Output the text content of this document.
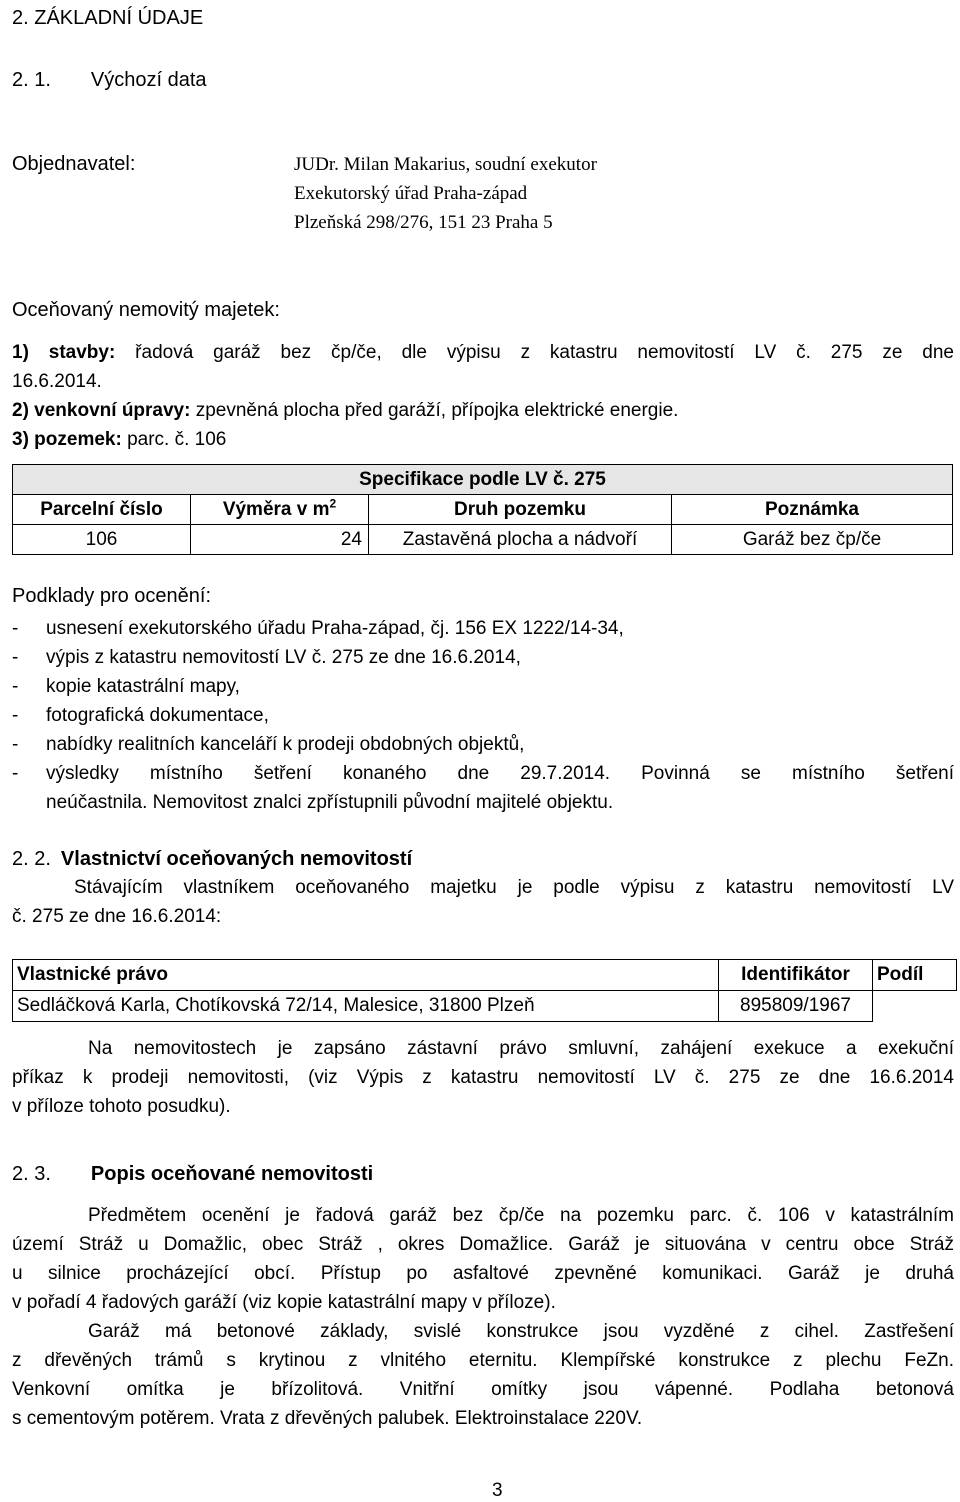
2. ZÁKLADNÍ ÚDAJE
2. 1. Výchozí data
Objednavatel:	JUDr. Milan Makarius, soudní exekutor
Exekutorský úřad Praha-západ
Plzeňská 298/276, 151 23 Praha 5
Oceňovaný nemovitý majetek:
1) stavby: řadová garáž bez čp/če, dle výpisu z katastru nemovitostí LV č. 275 ze dne
16.6.2014.
2) venkovní úpravy: zpevněná plocha před garáží, přípojka elektrické energie.
3) pozemek: parc. č. 106
Specifikace podle LV č. 275			
Parcelní číslo	Výměra v $m^2$	Druh pozemku	Poznámka
106	24	Zastavěná plocha a nádvoří	Garáž bez čp/če
Podklady pro ocenění:
- usnesení exekutorského úřadu Praha-západ, čj. 156 EX 1222/14-34,
- výpis z katastru nemovitostí LV č. 275 ze dne 16.6.2014,
- kopie katastrální mapy,
- fotografická dokumentace,
- nabídky realitních kanceláří k prodeji obdobných objektů,
- výsledky místního šetření konaného dne 29.7.2014. Povinná se místního šetření
neúčastnila. Nemovitost znalci zpřístupnili původní majitelé objektu.
2. 2. Vlastnictví oceňovaných nemovitostí
Stávajícím vlastníkem oceňovaného majetku je podle výpisu z katastru nemovitostí LV
č. 275 ze dne 16.6.2014:
Vlastnické právo	Identifikátor	Podíl
Sedláčková Karla, Chotíkovská 72/14, Malesice, 31800 Plzeň	895809/1967	
Na nemovitostech je zapsáno zástavní právo smluvní, zahájení exekuce a exekuční
příkaz k prodeji nemovitosti, (viz Výpis z katastru nemovitostí LV č. 275 ze dne 16.6.2014
v příloze tohoto posudku).
2. 3. Popis oceňované nemovitosti
Předmětem ocenění je řadová garáž bez čp/če na pozemku parc. č. 106 v katastrálním
území Stráž u Domažlic, obec Stráž , okres Domažlice. Garáž je situována v centru obce Stráž
u silnice procházející obcí. Přístup po asfaltové zpevněné komunikaci. Garáž je druhá
v pořadí 4 řadových garáží (viz kopie katastrální mapy v příloze).
Garáž má betonové základy, svislé konstrukce jsou vyzděné z cihel. Zastřešení
z dřevěných trámů s krytinou z vlnitého eternitu. Klempířské konstrukce z plechu FeZn.
Venkovní omítka je břízolitová. Vnitřní omítky jsou vápenné. Podlaha betonová
s cementovým potěrem. Vrata z dřevěných palubek. Elektroinstalace 220V.
3
